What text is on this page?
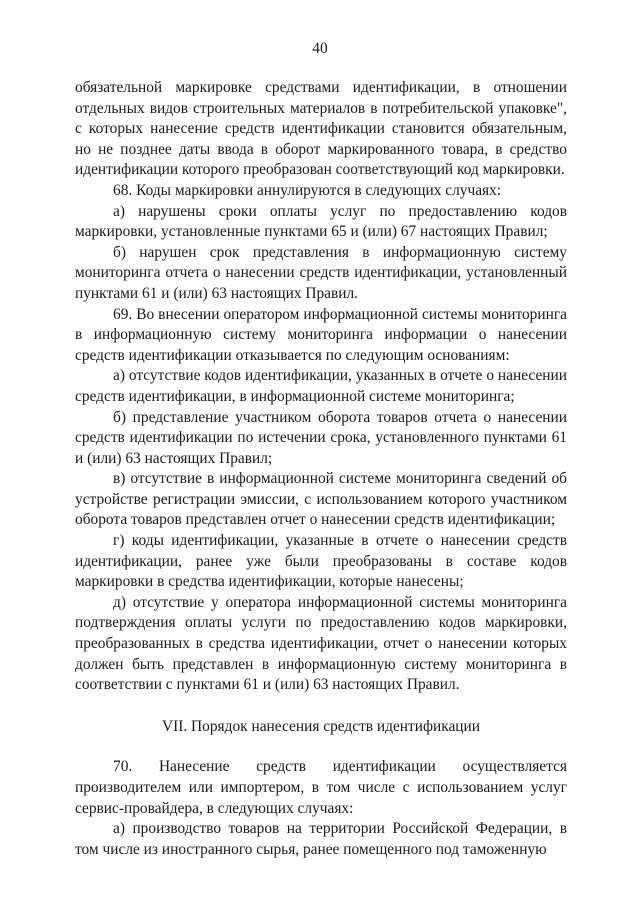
40

обязательной маркировке средствами идентификации, в отношении отдельных видов строительных материалов в потребительской упаковке", с которых нанесение средств идентификации становится обязательным, но не позднее даты ввода в оборот маркированного товара, в средство идентификации которого преобразован соответствующий код маркировки.

68. Коды маркировки аннулируются в следующих случаях:

а) нарушены сроки оплаты услуг по предоставлению кодов маркировки, установленные пунктами 65 и (или) 67 настоящих Правил;

б) нарушен срок представления в информационную систему мониторинга отчета о нанесении средств идентификации, установленный пунктами 61 и (или) 63 настоящих Правил.

69. Во внесении оператором информационной системы мониторинга в информационную систему мониторинга информации о нанесении средств идентификации отказывается по следующим основаниям:

а) отсутствие кодов идентификации, указанных в отчете о нанесении средств идентификации, в информационной системе мониторинга;

б) представление участником оборота товаров отчета о нанесении средств идентификации по истечении срока, установленного пунктами 61 и (или) 63 настоящих Правил;

в) отсутствие в информационной системе мониторинга сведений об устройстве регистрации эмиссии, с использованием которого участником оборота товаров представлен отчет о нанесении средств идентификации;

г) коды идентификации, указанные в отчете о нанесении средств идентификации, ранее уже были преобразованы в составе кодов маркировки в средства идентификации, которые нанесены;

д) отсутствие у оператора информационной системы мониторинга подтверждения оплаты услуги по предоставлению кодов маркировки, преобразованных в средства идентификации, отчет о нанесении которых должен быть представлен в информационную систему мониторинга в соответствии с пунктами 61 и (или) 63 настоящих Правил.

VII. Порядок нанесения средств идентификации

70. Нанесение средств идентификации осуществляется производителем или импортером, в том числе с использованием услуг сервис-провайдера, в следующих случаях:

а) производство товаров на территории Российской Федерации, в том числе из иностранного сырья, ранее помещенного под таможенную
